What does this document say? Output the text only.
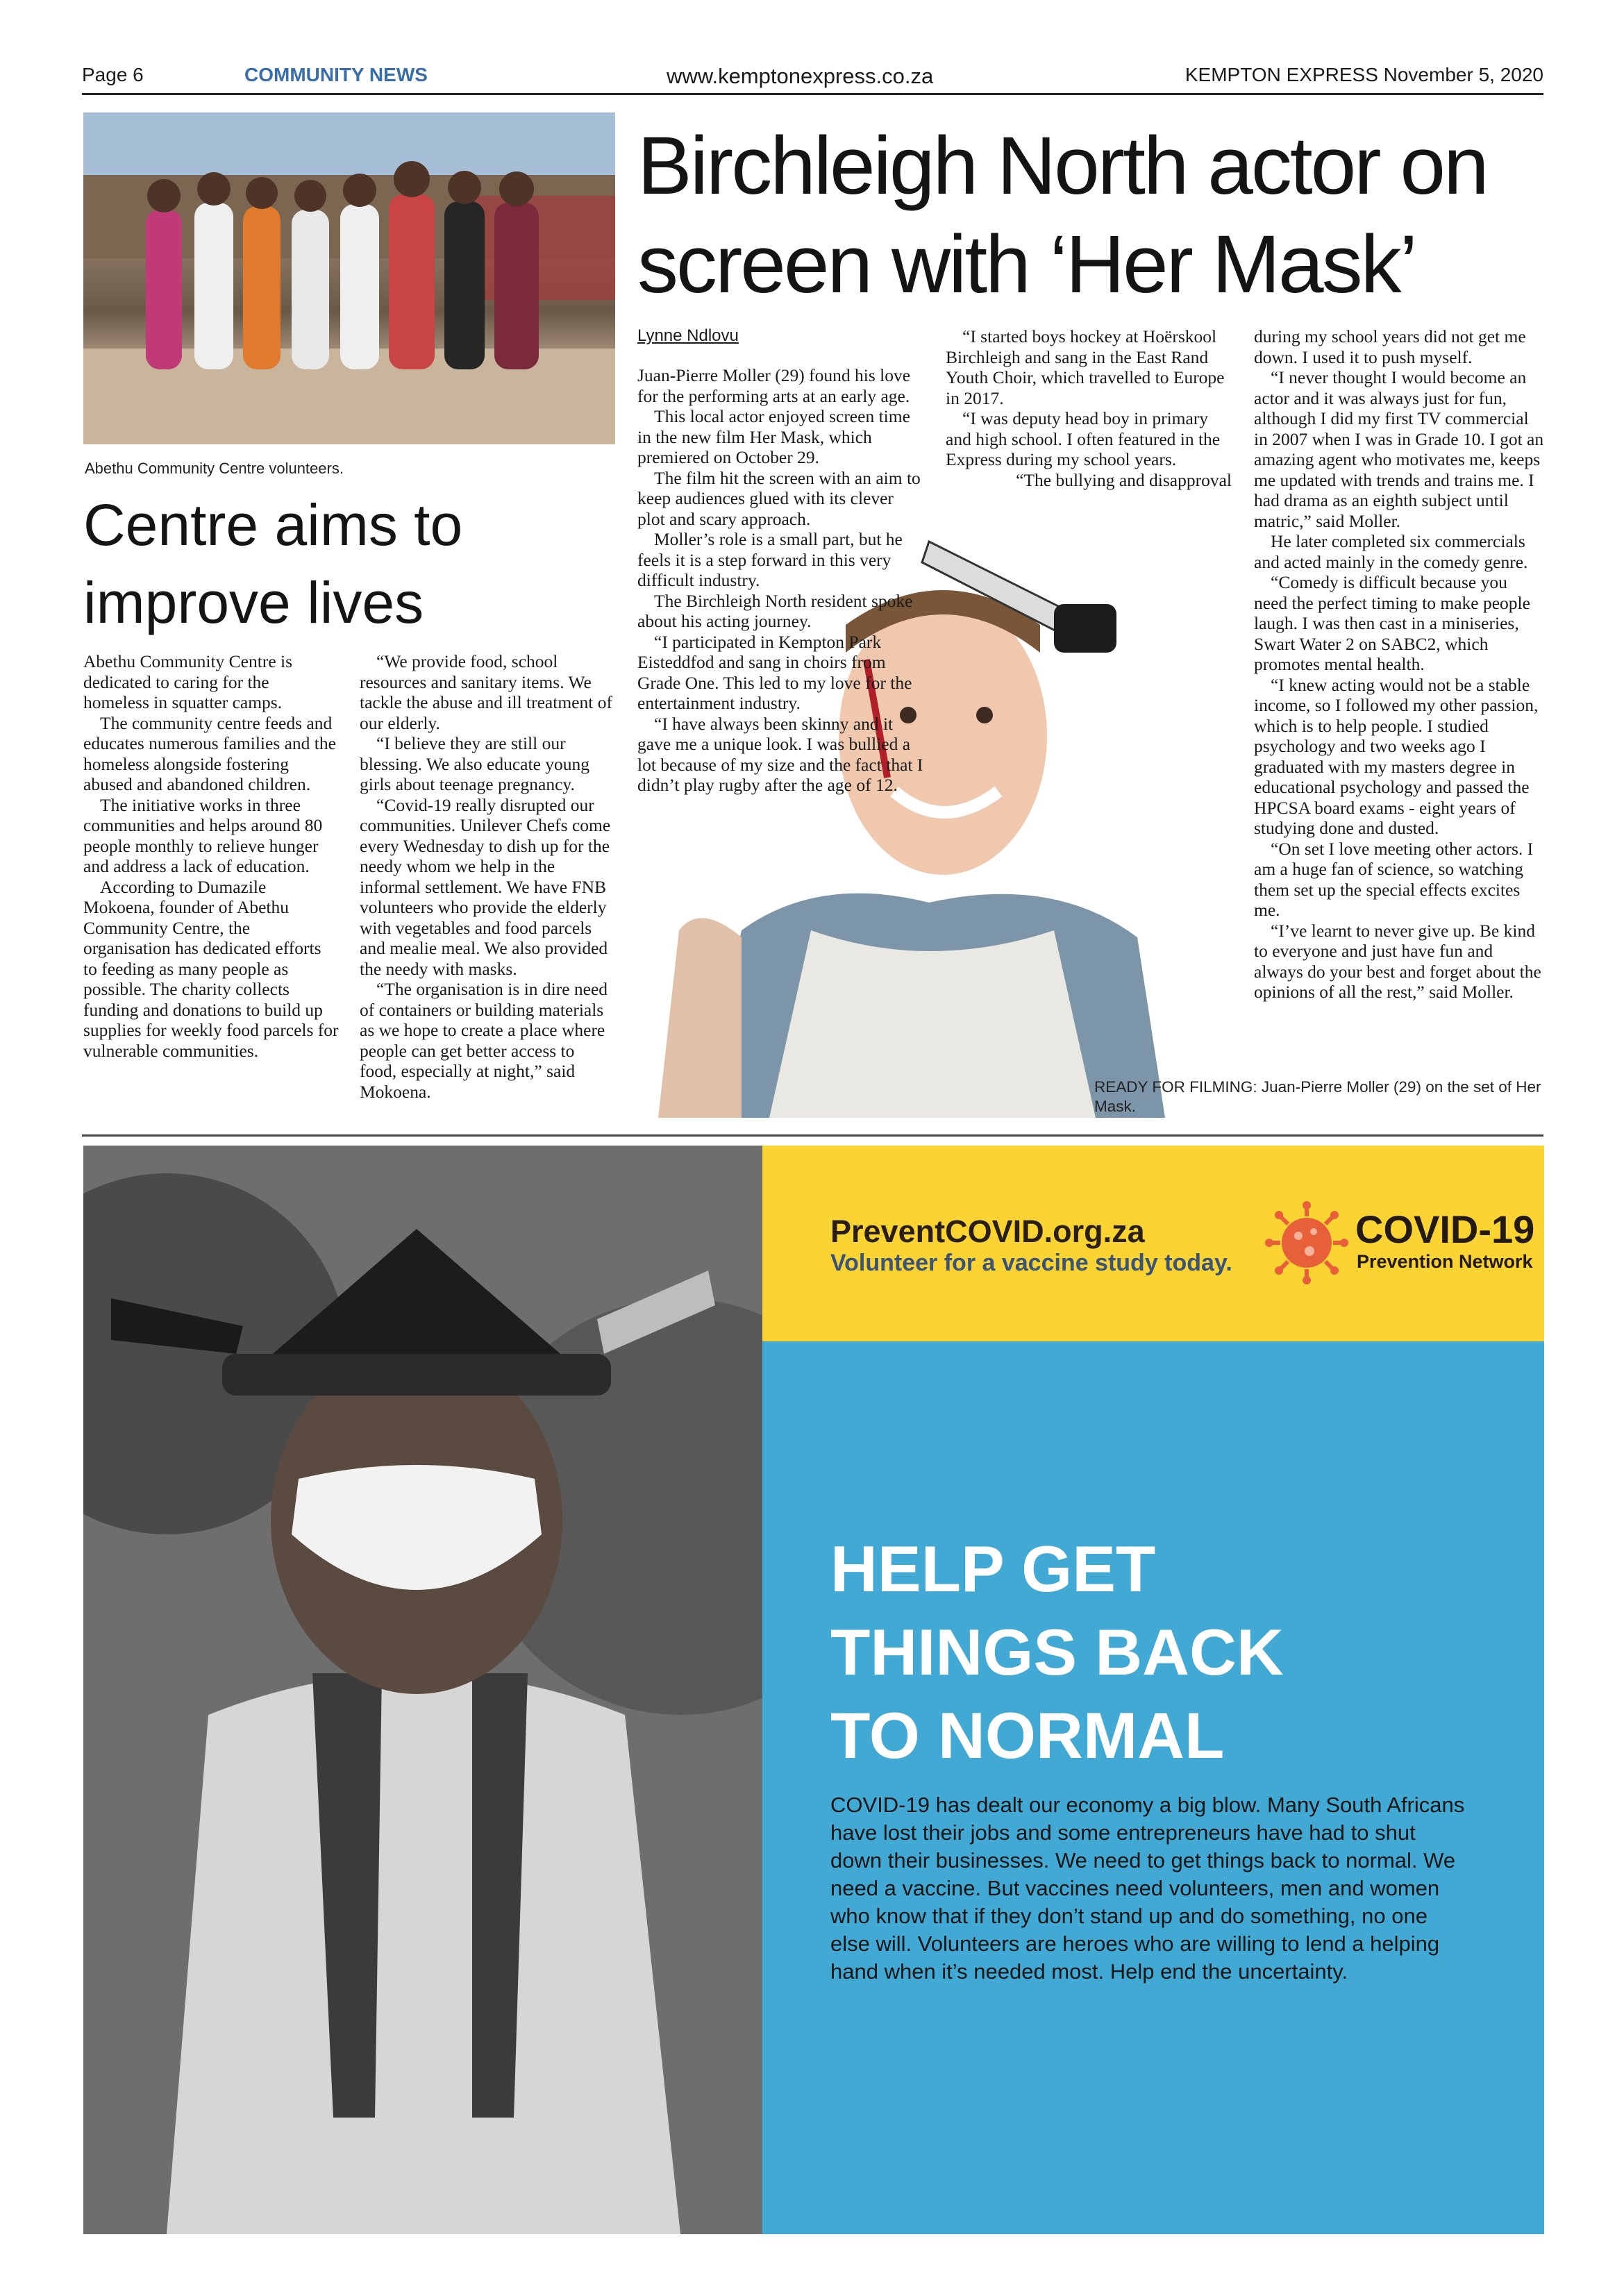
Page 6	COMMUNITY NEWS	www.kemptonexpress.co.za	KEMPTON EXPRESS November 5, 2020
Abethu Community Centre volunteers.
Birchleigh North actor on screen with ‘Her Mask’
Lynne Ndlovu
Centre aims to improve lives

Abethu Community Centre is dedicated to caring for the homeless in squatter camps.

The community centre feeds and educates numerous families and the homeless alongside fostering abused and abandoned children.

The initiative works in three communities and helps around 80 people monthly to relieve hunger and address a lack of education.

According to Dumazile Mokoena, founder of Abethu Community Centre, the organisation has dedicated efforts to feeding as many people as possible. The charity collects funding and donations to build up supplies for weekly food parcels for vulnerable communities.

“We provide food, school resources and sanitary items. We tackle the abuse and ill treatment of our elderly.

“I believe they are still our blessing. We also educate young girls about teenage pregnancy.

“Covid-19 really disrupted our communities. Unilever Chefs come every Wednesday to dish up for the needy whom we help in the informal settlement. We have FNB volunteers who provide the elderly with vegetables and food parcels and mealie meal. We also provided the needy with masks.

“The organisation is in dire need of containers or building materials as we hope to create a place where people can get better access to food, especially at night,” said Mokoena.

Juan-Pierre Moller (29) found his love for the performing arts at an early age.

This local actor enjoyed screen time in the new film Her Mask, which premiered on October 29.

The film hit the screen with an aim to keep audiences glued with its clever plot and scary approach.

Moller’s role is a small part, but he feels it is a step forward in this very difficult industry.

The Birchleigh North resident spoke about his acting journey.

“I participated in Kempton Park Eisteddfod and sang in choirs from Grade One. This led to my love for the entertainment industry.

“I have always been skinny and it gave me a unique look. I was bullied a lot because of my size and the fact that I didn’t play rugby after the age of 12.

“I started boys hockey at Hoërskool Birchleigh and sang in the East Rand Youth Choir, which travelled to Europe in 2017.

“I was deputy head boy in primary and high school. I often featured in the Express during my school years.

“The bullying and disapproval

during my school years did not get me down. I used it to push myself.

“I never thought I would become an actor and it was always just for fun, although I did my first TV commercial in 2007 when I was in Grade 10. I got an amazing agent who motivates me, keeps me updated with trends and trains me. I had drama as an eighth subject until matric,” said Moller.

He later completed six commercials and acted mainly in the comedy genre.

“Comedy is difficult because you need the perfect timing to make people laugh. I was then cast in a miniseries, Swart Water 2 on SABC2, which promotes mental health.

“I knew acting would not be a stable income, so I followed my other passion, which is to help people. I studied psychology and two weeks ago I graduated with my masters degree in educational psychology and passed the HPCSA board exams - eight years of studying done and dusted.

“On set I love meeting other actors. I am a huge fan of science, so watching them set up the special effects excites me.

“I’ve learnt to never give up. Be kind to everyone and just have fun and always do your best and forget about the opinions of all the rest,” said Moller.

READY FOR FILMING: Juan-Pierre Moller (29) on the set of Her Mask.
PreventCOVID.org.za
Volunteer for a vaccine study today.
COVID-19
Prevention Network
HELP GET
THINGS BACK
TO NORMAL
COVID-19 has dealt our economy a big blow. Many South Africans have lost their jobs and some entrepreneurs have had to shut down their businesses. We need to get things back to normal. We need a vaccine. But vaccines need volunteers, men and women who know that if they don’t stand up and do something, no one else will. Volunteers are heroes who are willing to lend a helping hand when it’s needed most. Help end the uncertainty.
